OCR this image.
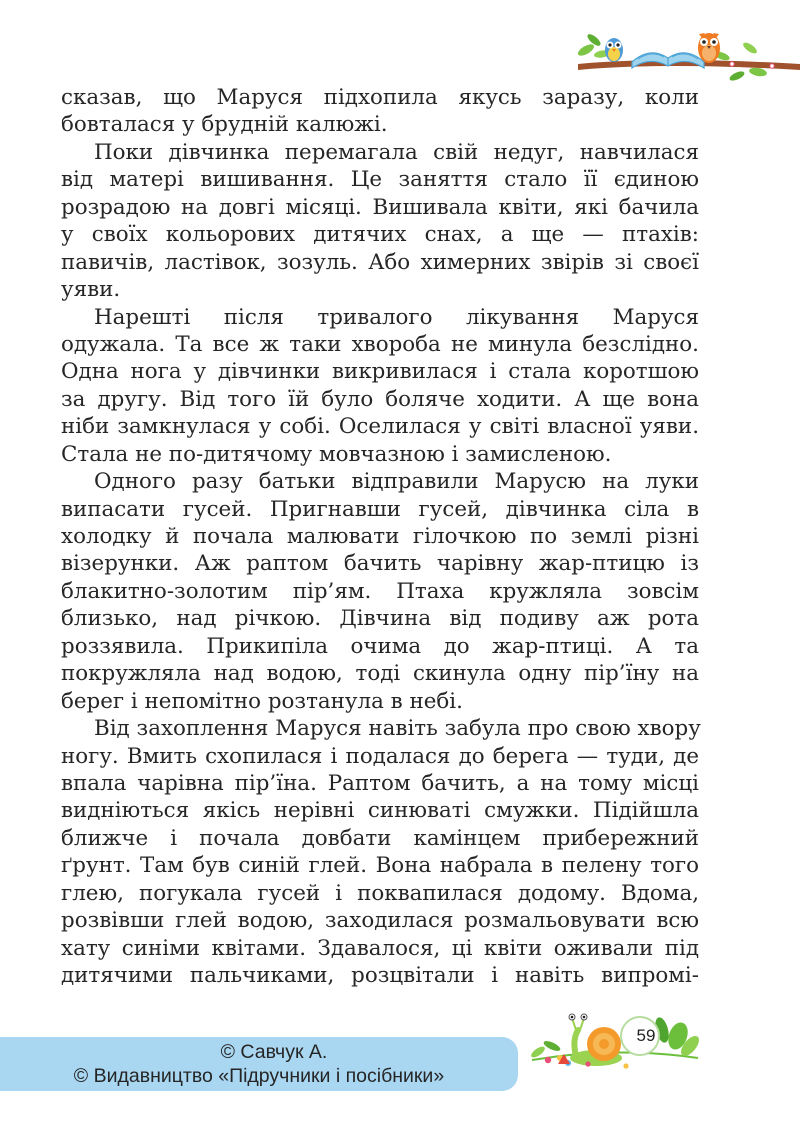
сказав, що Маруся підхопила якусь заразу, коли
бовталася у брудній калюжі.
Поки дівчинка перемагала свій недуг, навчилася
від матері вишивання. Це заняття стало її єдиною
розрадою на довгі місяці. Вишивала квіти, які бачила
у своїх кольорових дитячих снах, а ще — птахів:
павичів, ластівок, зозуль. Або химерних звірів зі своєї
уяви.
Нарешті після тривалого лікування Маруся
одужала. Та все ж таки хвороба не минула безслідно.
Одна нога у дівчинки викривилася і стала коротшою
за другу. Від того їй було боляче ходити. А ще вона
ніби замкнулася у собі. Оселилася у світі власної уяви.
Стала не по-дитячому мовчазною і замисленою.
Одного разу батьки відправили Марусю на луки
випасати гусей. Пригнавши гусей, дівчинка сіла в
холодку й почала малювати гілочкою по землі різні
візерунки. Аж раптом бачить чарівну жар-птицю із
блакитно-золотим пір’ям. Птаха кружляла зовсім
близько, над річкою. Дівчина від подиву аж рота
роззявила. Прикипіла очима до жар-птиці. А та
покружляла над водою, тоді скинула одну пір’їну на
берег і непомітно розтанула в небі.
Від захоплення Маруся навіть забула про свою хвору
ногу. Вмить схопилася і подалася до берега — туди, де
впала чарівна пір’їна. Раптом бачить, а на тому місці
видніються якісь нерівні синюваті смужки. Підійшла
ближче і почала довбати камінцем прибережний
ґрунт. Там був синій глей. Вона набрала в пелену того
глею, погукала гусей і поквапилася додому. Вдома,
розвівши глей водою, заходилася розмальовувати всю
хату синіми квітами. Здавалося, ці квіти оживали під
дитячими пальчиками, розцвітали і навіть випромі-
© Савчук А.
© Видавництво «Підручники і посібники»
59
